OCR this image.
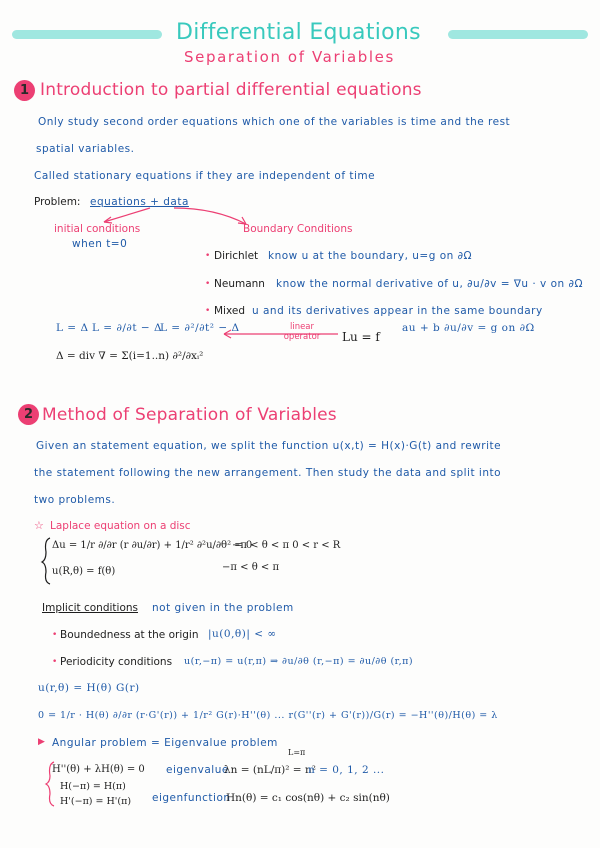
Differential Equations
Separation of Variables
1 Introduction to partial differential equations
Only study second order equations which one of the variables is time and the rest
spatial variables.
Called stationary equations if they are independent of time
Problem: equations + data
initial conditions
when t=0
Boundary Conditions
• Dirichlet know u at the boundary, u=g on ∂Ω
• Neumann know the normal derivative of u, ∂u/∂v = ∇u · v on ∂Ω
• Mixed u and its derivatives appear in the same boundary
au + b ∂u/∂v = g on ∂Ω
L = Δ L = ∂/∂t − Δ
L = ∂²/∂t² − Δ	linear operator	Lu = f
Δ = div ∇ = Σ(i=1..n) ∂²/∂xᵢ²
2 Method of Separation of Variables
Given an statement equation, we split the function u(x,t) = H(x)·G(t) and rewrite
the statement following the new arrangement. Then study the data and split into
two problems.
☆ Laplace equation on a disc
Δu = 1/r ∂/∂r (r ∂u/∂r) + 1/r² ∂²u/∂θ² = 0
−π < θ < π 0 < r < R
u(R,θ) = f(θ)	−π < θ < π
Implicit conditions not given in the problem
• Boundedness at the origin |u(0,θ)| < ∞
• Periodicity conditions u(r,−π) = u(r,π) ⇒ ∂u/∂θ (r,−π) = ∂u/∂θ (r,π)
u(r,θ) = H(θ) G(r)
0 = 1/r · H(θ) ∂/∂r (r·G'(r)) + 1/r² G(r)·H''(θ) ... r(G''(r) + G'(r))/G(r) = −H''(θ)/H(θ) = λ
▶ Angular problem = Eigenvalue problem
H''(θ) + λH(θ) = 0
H(−π) = H(π)
H'(−π) = H'(π)
eigenvalue
L=π
λn = (nL/π)² = n²
n = 0, 1, 2 ...
eigenfunction
Hn(θ) = c₁ cos(nθ) + c₂ sin(nθ)
